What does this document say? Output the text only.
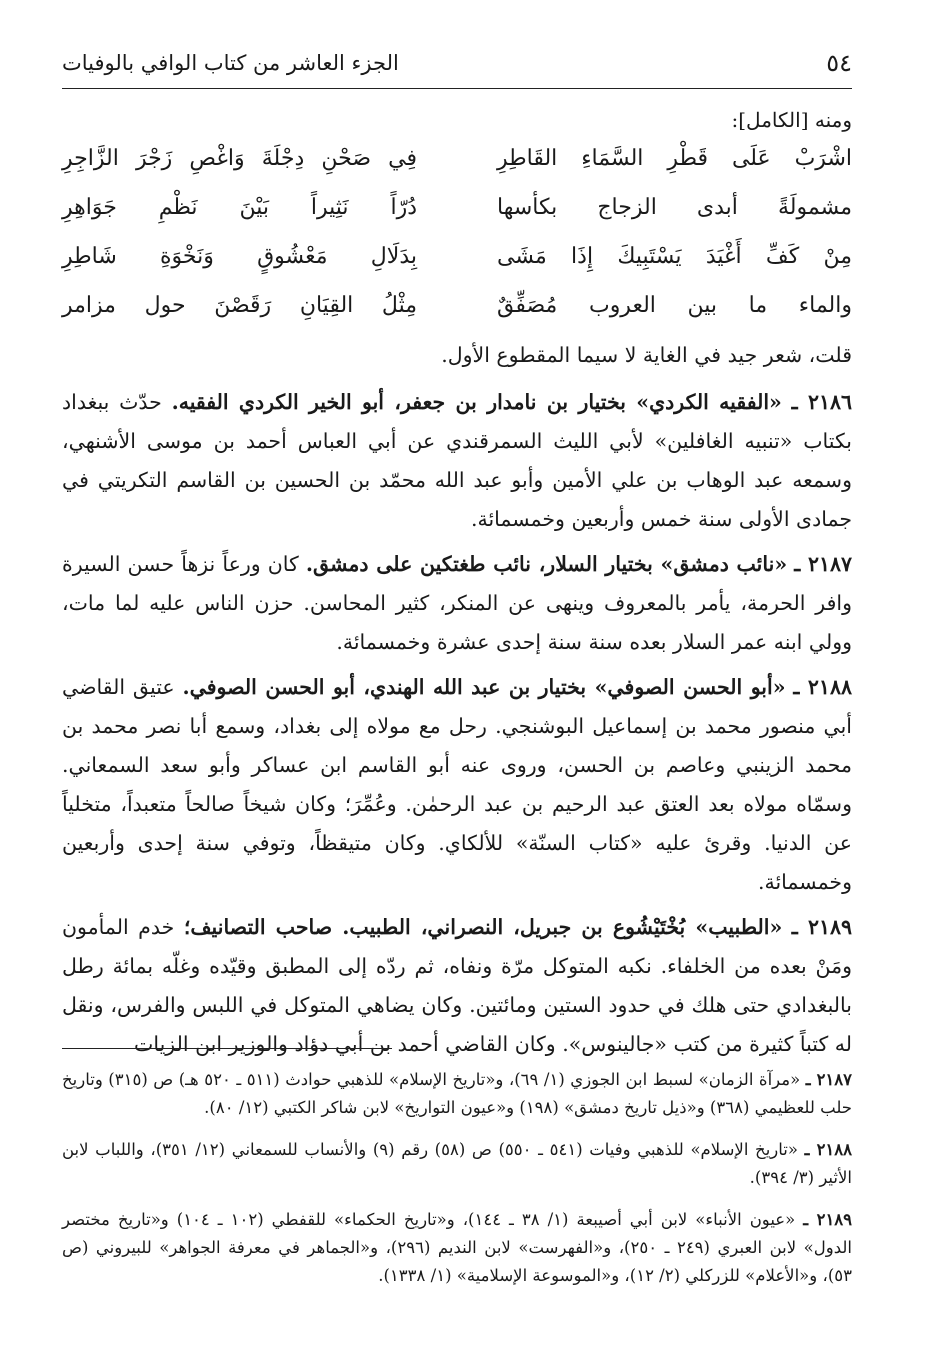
٥٤
الجزء العاشر من كتاب الوافي بالوفيات
ومنه [الكامل]:
اشْرَبْ عَلَى قَطْرِ السَّمَاءِ القَاطِرِ
فِي صَحْنِ دِجْلَةَ وَاغْصِ زَجْرَ الزَّاجِرِ
مشمولَةً أبدى الزجاج بكأسها
دُرّاً نَثِيراً بَيْنَ نَظْمِ جَوَاهِرِ
مِنْ كَفِّ أَغْيَدَ يَسْتَبِيكَ إِذَا مَشَى
بِدَلَالِ مَعْشُوقٍ وَنَخْوَةِ شَاطِرِ
والماء ما بين العروب مُصَفِّقٌ
مِثْلُ القِيَانِ رَقَصْنَ حول مزامر
قلت، شعر جيد في الغاية لا سيما المقطوع الأول.

٢١٨٦ ـ «الفقيه الكردي» بختيار بن نامدار بن جعفر، أبو الخير الكردي الفقيه. حدّث ببغداد بكتاب «تنبيه الغافلين» لأبي الليث السمرقندي عن أبي العباس أحمد بن موسى الأشنهي، وسمعه عبد الوهاب بن علي الأمين وأبو عبد الله محمّد بن الحسين بن القاسم التكريتي في جمادى الأولى سنة خمس وأربعين وخمسمائة.

٢١٨٧ ـ «نائب دمشق» بختيار السلار، نائب طغتكين على دمشق. كان ورعاً نزهاً حسن السيرة وافر الحرمة، يأمر بالمعروف وينهى عن المنكر، كثير المحاسن. حزن الناس عليه لما مات، وولي ابنه عمر السلار بعده سنة سنة إحدى عشرة وخمسمائة.

٢١٨٨ ـ «أبو الحسن الصوفي» بختيار بن عبد الله الهندي، أبو الحسن الصوفي. عتيق القاضي أبي منصور محمد بن إسماعيل البوشنجي. رحل مع مولاه إلى بغداد، وسمع أبا نصر محمد بن محمد الزينبي وعاصم بن الحسن، وروى عنه أبو القاسم ابن عساكر وأبو سعد السمعاني. وسمّاه مولاه بعد العتق عبد الرحيم بن عبد الرحمٰن. وعُمِّرَ؛ وكان شيخاً صالحاً متعبداً، متخلياً عن الدنيا. وقرئ عليه «كتاب السنّة» للألكاي. وكان متيقظاً، وتوفي سنة إحدى وأربعين وخمسمائة.

٢١٨٩ ـ «الطبيب» بُخْتَيْشُوع بن جبريل، النصراني، الطبيب. صاحب التصانيف؛ خدم المأمون ومَنْ بعده من الخلفاء. نكبه المتوكل مرّة ونفاه، ثم ردّه إلى المطبق وقيّده وغلّه بمائة رطل بالبغدادي حتى هلك في حدود الستين ومائتين. وكان يضاهي المتوكل في اللبس والفرس، ونقل له كتباً كثيرة من كتب «جالينوس». وكان القاضي أحمد بن أبي دؤاد والوزير ابن الزيات

٢١٨٧ ـ «مرآة الزمان» لسبط ابن الجوزي (١/ ٦٩)، و«تاريخ الإسلام» للذهبي حوادث (٥١١ ـ ٥٢٠ هـ) ص (٣١٥) وتاريخ حلب للعظيمي (٣٦٨) و«ذيل تاريخ دمشق» (١٩٨) و«عيون التواريخ» لابن شاكر الكتبي (١٢/ ٨٠).
٢١٨٨ ـ «تاريخ الإسلام» للذهبي وفيات (٥٤١ ـ ٥٥٠) ص (٥٨) رقم (٩) والأنساب للسمعاني (١٢/ ٣٥١)، واللباب لابن الأثير (٣/ ٣٩٤).
٢١٨٩ ـ «عيون الأنباء» لابن أبي أصيبعة (١/ ٣٨ ـ ١٤٤)، و«تاريخ الحكماء» للقفطي (١٠٢ ـ ١٠٤) و«تاريخ مختصر الدول» لابن العبري (٢٤٩ ـ ٢٥٠)، و«الفهرست» لابن النديم (٢٩٦)، و«الجماهر في معرفة الجواهر» للبيروني (ص ٥٣)، و«الأعلام» للزركلي (٢/ ١٢)، و«الموسوعة الإسلامية» (١/ ١٣٣٨).
